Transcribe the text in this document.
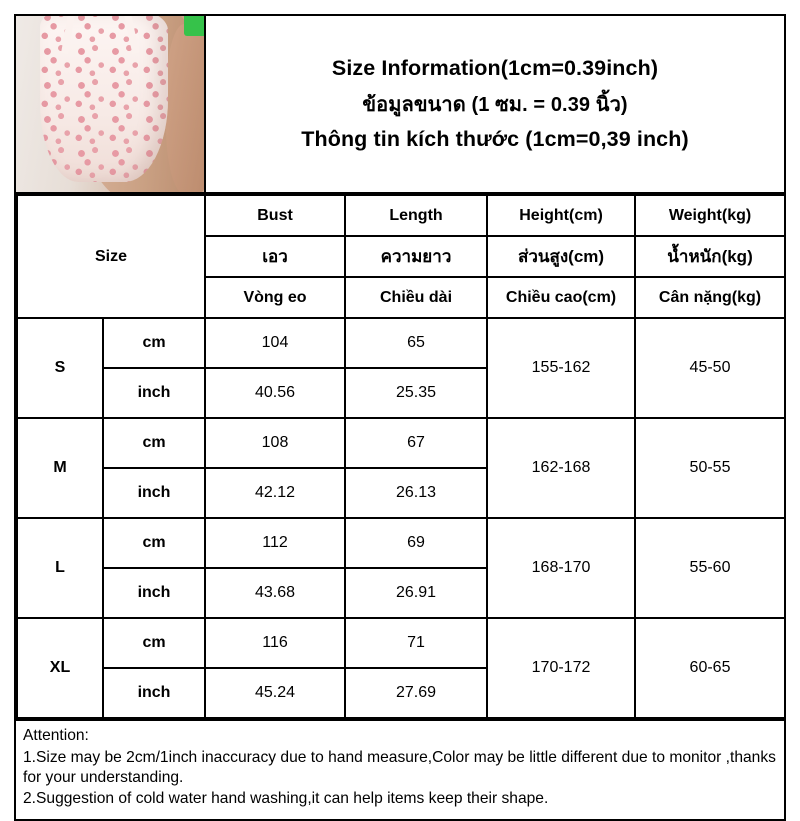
Size Information(1cm=0.39inch)
ข้อมูลขนาด (1 ซม. = 0.39 นิ้ว)
Thông tin kích thước (1cm=0,39 inch)
Size		Bust	Length	Height(cm)	Weight(kg)
		เอว	ความยาว	ส่วนสูง(cm)	น้ำหนัก(kg)
		Vòng eo	Chiều dài	Chiều cao(cm)	Cân nặng(kg)
S	cm	104	65	155-162	45-50
	inch	40.56	25.35		
M	cm	108	67	162-168	50-55
	inch	42.12	26.13		
L	cm	112	69	168-170	55-60
	inch	43.68	26.91		
XL	cm	116	71	170-172	60-65
	inch	45.24	27.69		
Attention:
1.Size may be 2cm/1inch inaccuracy due to hand measure,Color may be little different due to monitor ,thanks for your understanding.
2.Suggestion of cold water hand washing,it can help items keep their shape.
